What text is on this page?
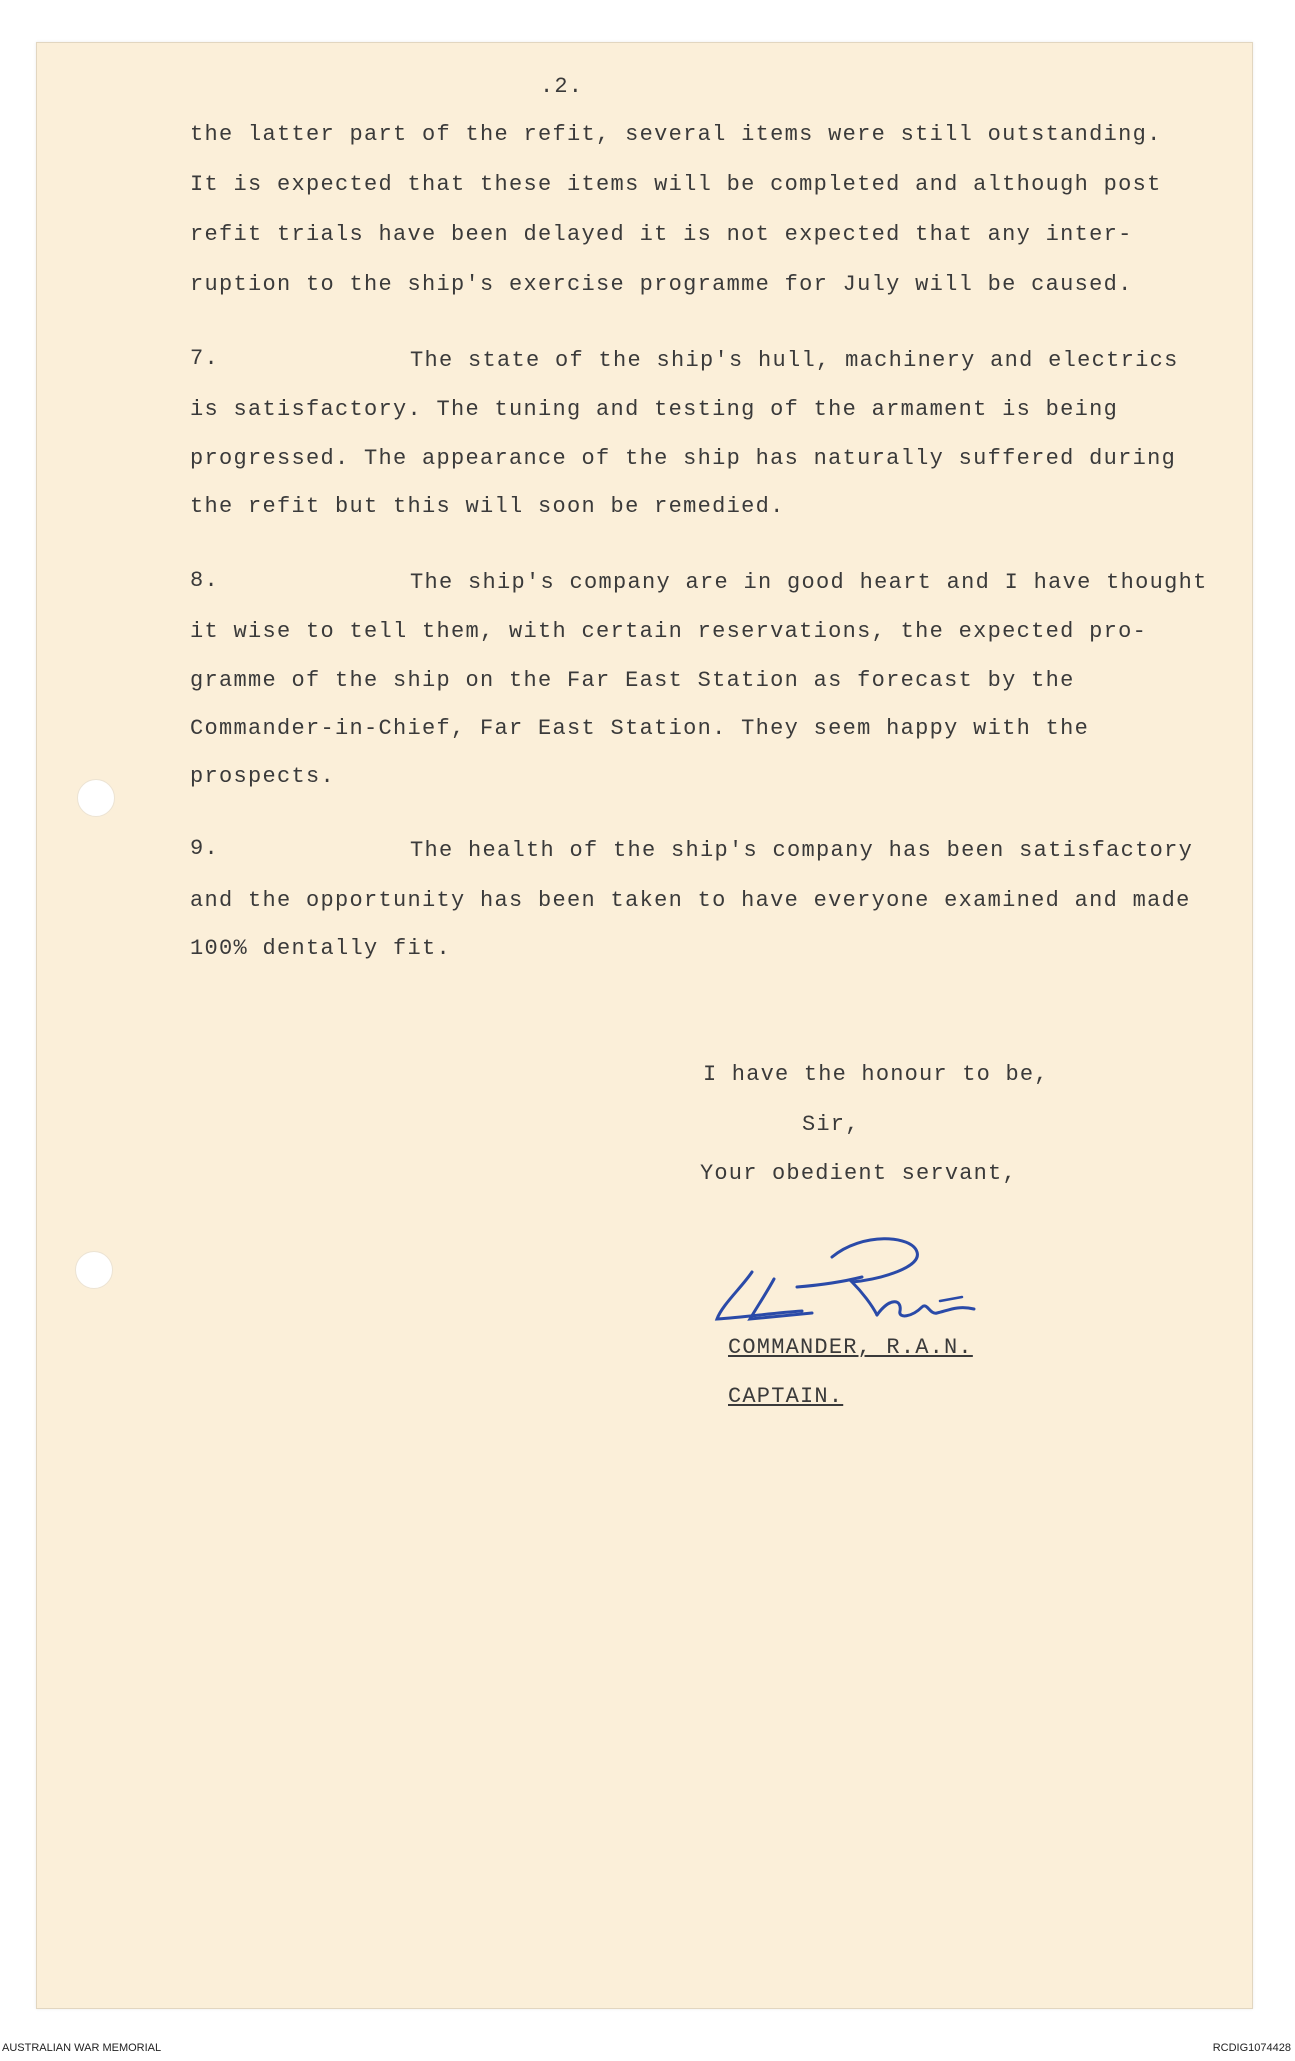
.2.
the latter part of the refit, several items were still outstanding.
It is expected that these items will be completed and although post
refit trials have been delayed it is not expected that any inter-
ruption to the ship's exercise programme for July will be caused.
7.	The state of the ship's hull, machinery and electrics
is satisfactory. The tuning and testing of the armament is being
progressed. The appearance of the ship has naturally suffered during
the refit but this will soon be remedied.
8.	The ship's company are in good heart and I have thought
it wise to tell them, with certain reservations, the expected pro-
gramme of the ship on the Far East Station as forecast by the
Commander-in-Chief, Far East Station. They seem happy with the
prospects.
9.	The health of the ship's company has been satisfactory
and the opportunity has been taken to have everyone examined and made
100% dentally fit.
I have the honour to be,
Sir,
Your obedient servant,
COMMANDER, R.A.N.
CAPTAIN.
AUSTRALIAN WAR MEMORIAL	RCDIG1074428
